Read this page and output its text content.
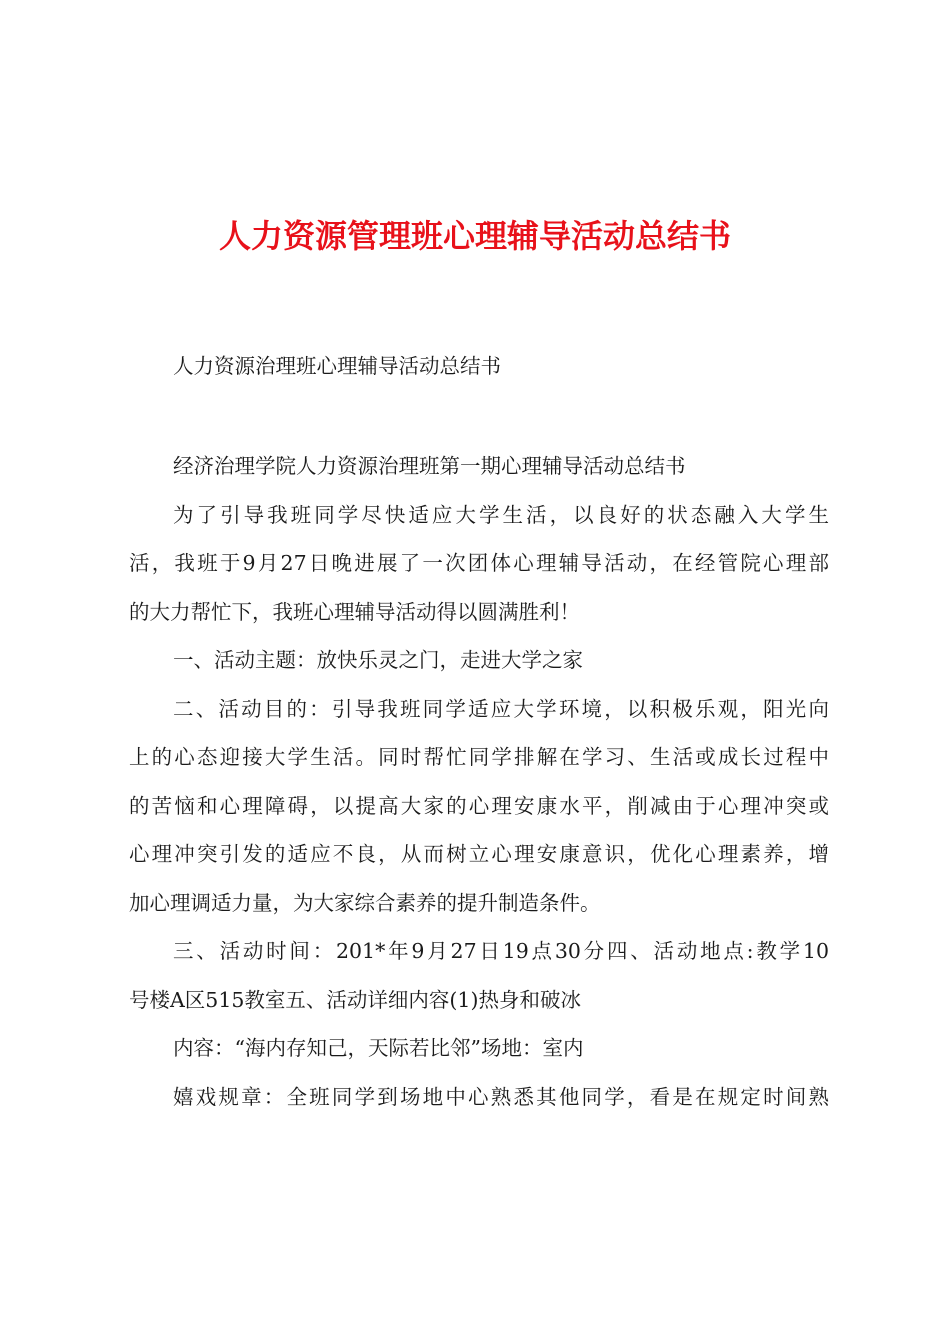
人力资源管理班心理辅导活动总结书
人力资源治理班心理辅导活动总结书
经济治理学院人力资源治理班第一期心理辅导活动总结书
为了引导我班同学尽快适应大学生活，以良好的状态融入大学生
活，我班于9月27日晚进展了一次团体心理辅导活动，在经管院心理部
的大力帮忙下，我班心理辅导活动得以圆满胜利！
一、活动主题：放快乐灵之门，走进大学之家
二、活动目的：引导我班同学适应大学环境，以积极乐观，阳光向
上的心态迎接大学生活。同时帮忙同学排解在学习、生活或成长过程中
的苦恼和心理障碍，以提高大家的心理安康水平，削减由于心理冲突或
心理冲突引发的适应不良，从而树立心理安康意识，优化心理素养，增
加心理调适力量，为大家综合素养的提升制造条件。
三、活动时间：201*年9月27日19点30分四、活动地点:教学10
号楼A区515教室五、活动详细内容(1)热身和破冰
内容：“海内存知己，天际若比邻”场地：室内
嬉戏规章：全班同学到场地中心熟悉其他同学，看是在规定时间熟
